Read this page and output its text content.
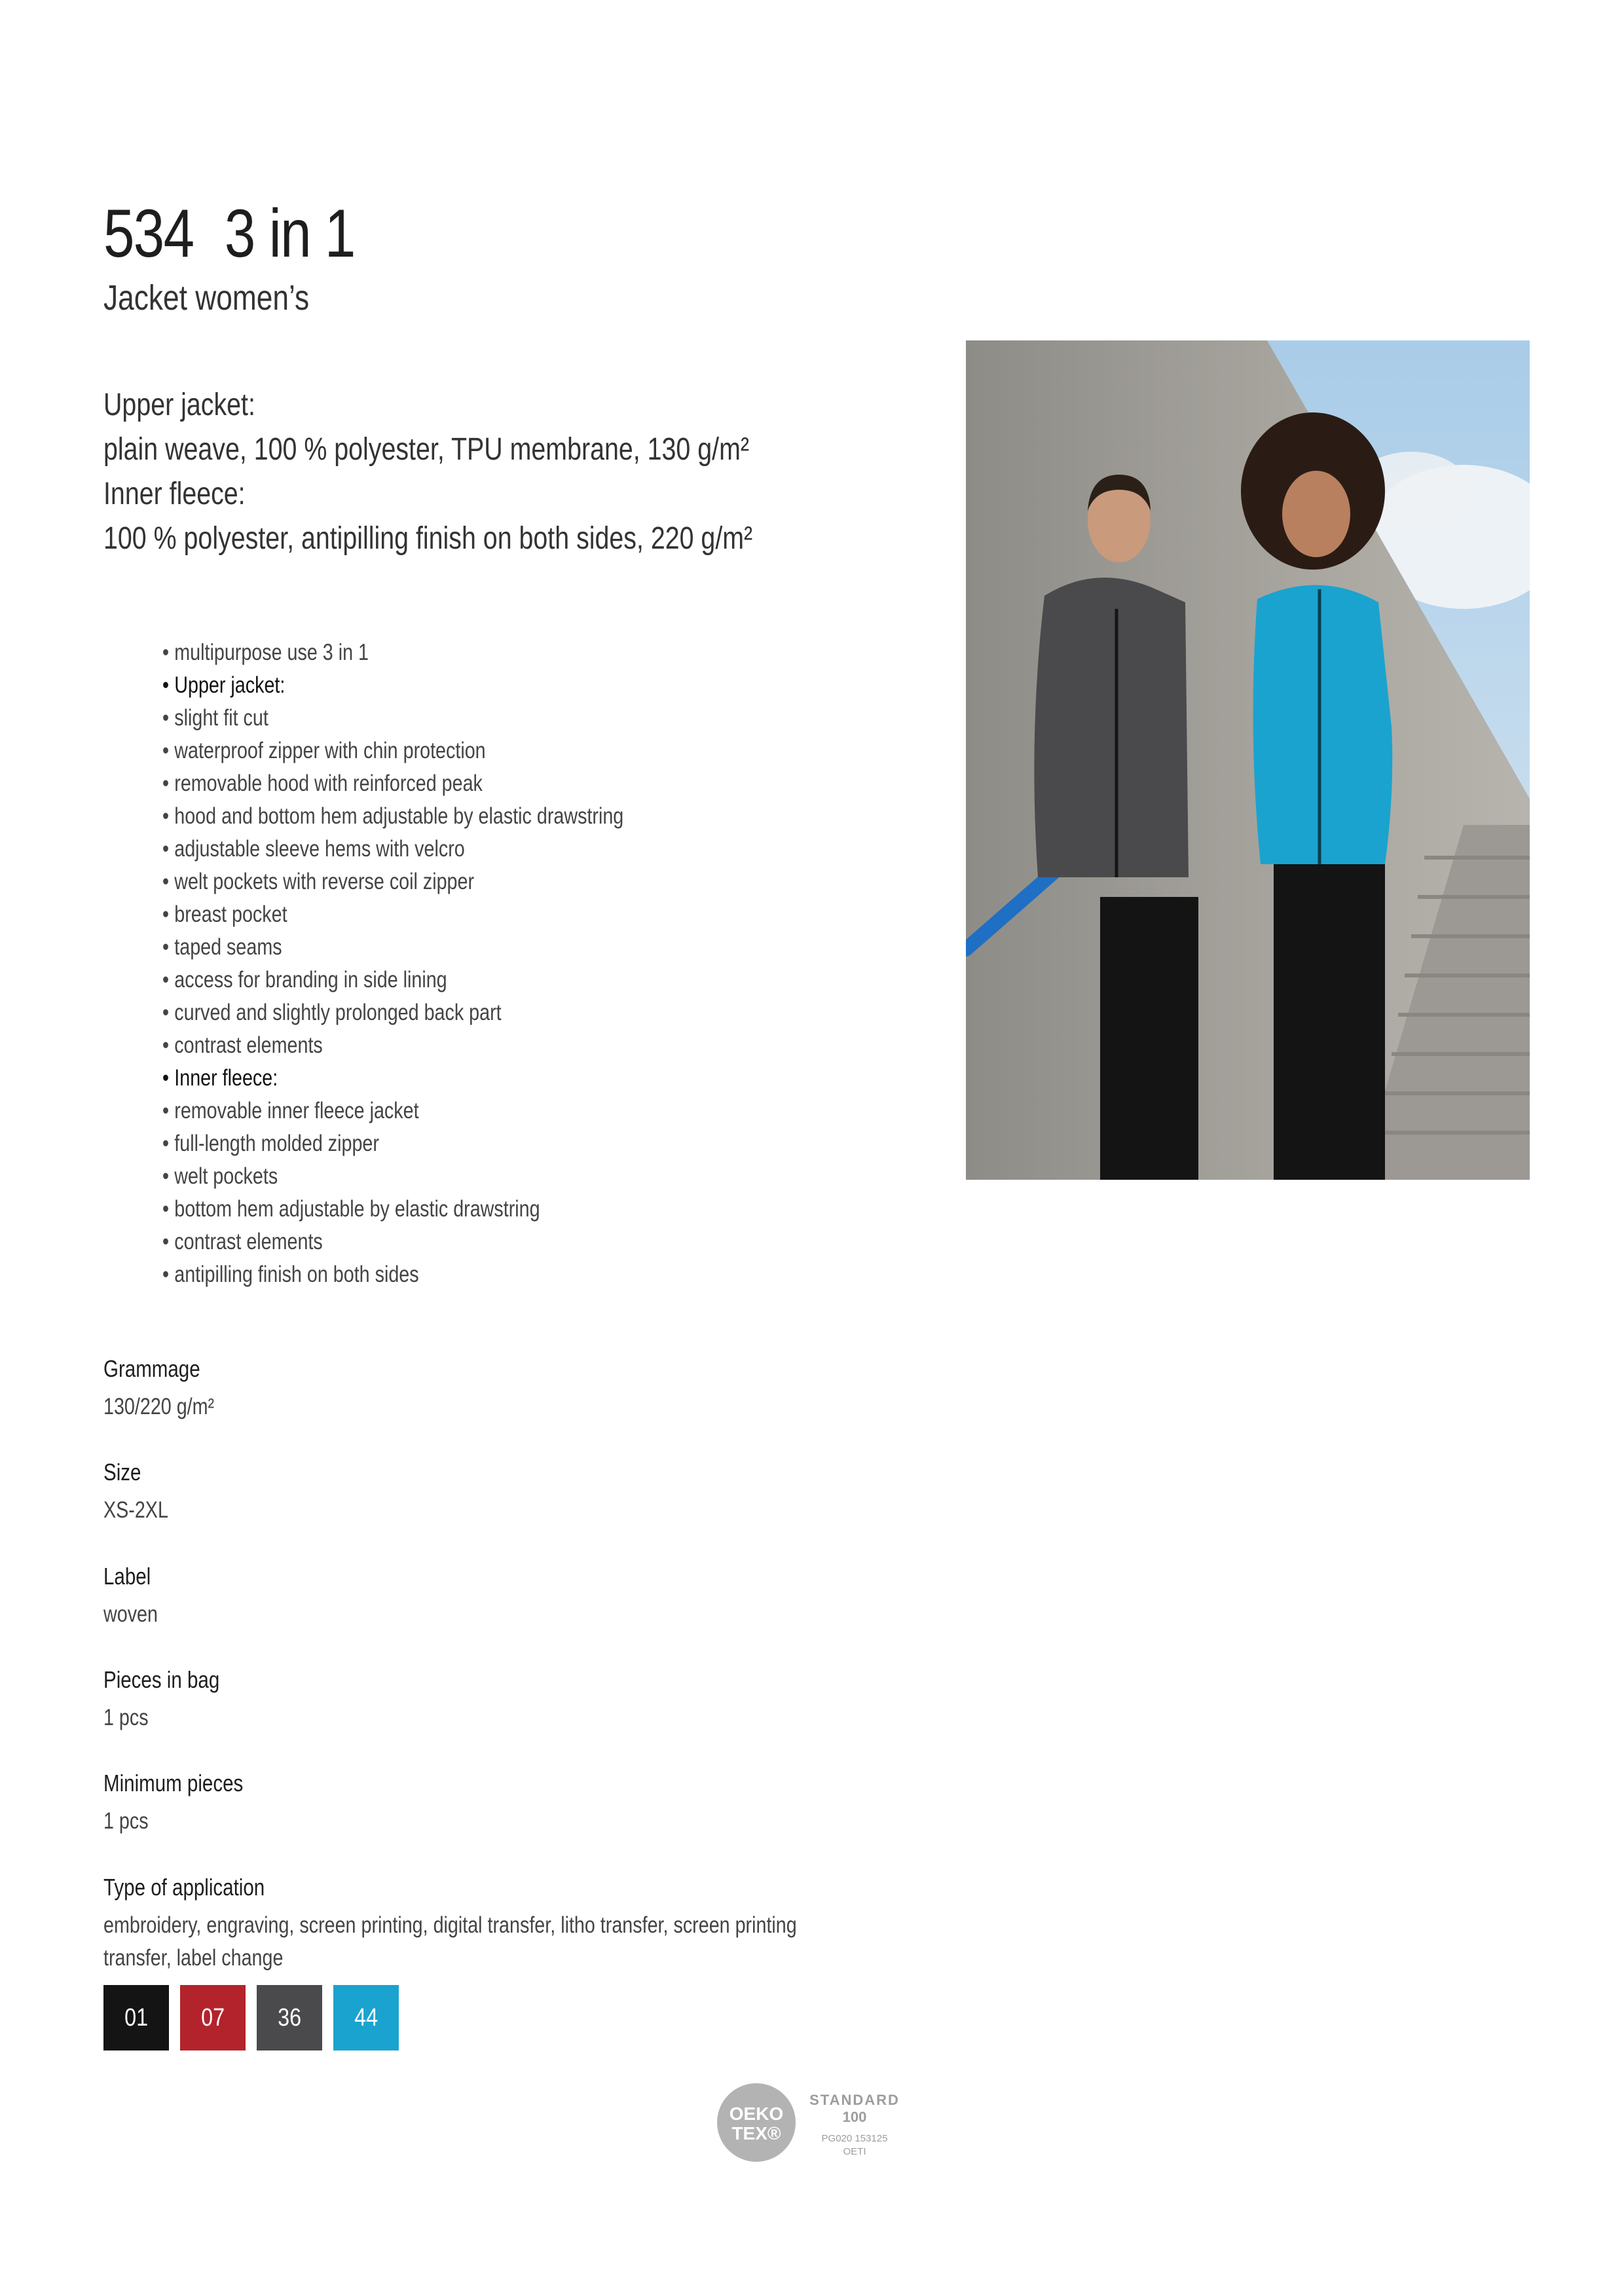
534 3 in 1
Jacket women’s
Upper jacket:
plain weave, 100 % polyester, TPU membrane, 130 g/m²
Inner fleece:
100 % polyester, antipilling finish on both sides, 220 g/m²
• multipurpose use 3 in 1
• Upper jacket:
• slight fit cut
• waterproof zipper with chin protection
• removable hood with reinforced peak
• hood and bottom hem adjustable by elastic drawstring
• adjustable sleeve hems with velcro
• welt pockets with reverse coil zipper
• breast pocket
• taped seams
• access for branding in side lining
• curved and slightly prolonged back part
• contrast elements
• Inner fleece:
• removable inner fleece jacket
• full-length molded zipper
• welt pockets
• bottom hem adjustable by elastic drawstring
• contrast elements
• antipilling finish on both sides
Grammage
130/220 g/m²
Size
XS-2XL
Label
woven
Pieces in bag
1 pcs
Minimum pieces
1 pcs
Type of application
embroidery, engraving, screen printing, digital transfer, litho transfer, screen printing
transfer, label change
01 07 36 44
OEKO
TEX®
STANDARD
100
PG020 153125
OETI
